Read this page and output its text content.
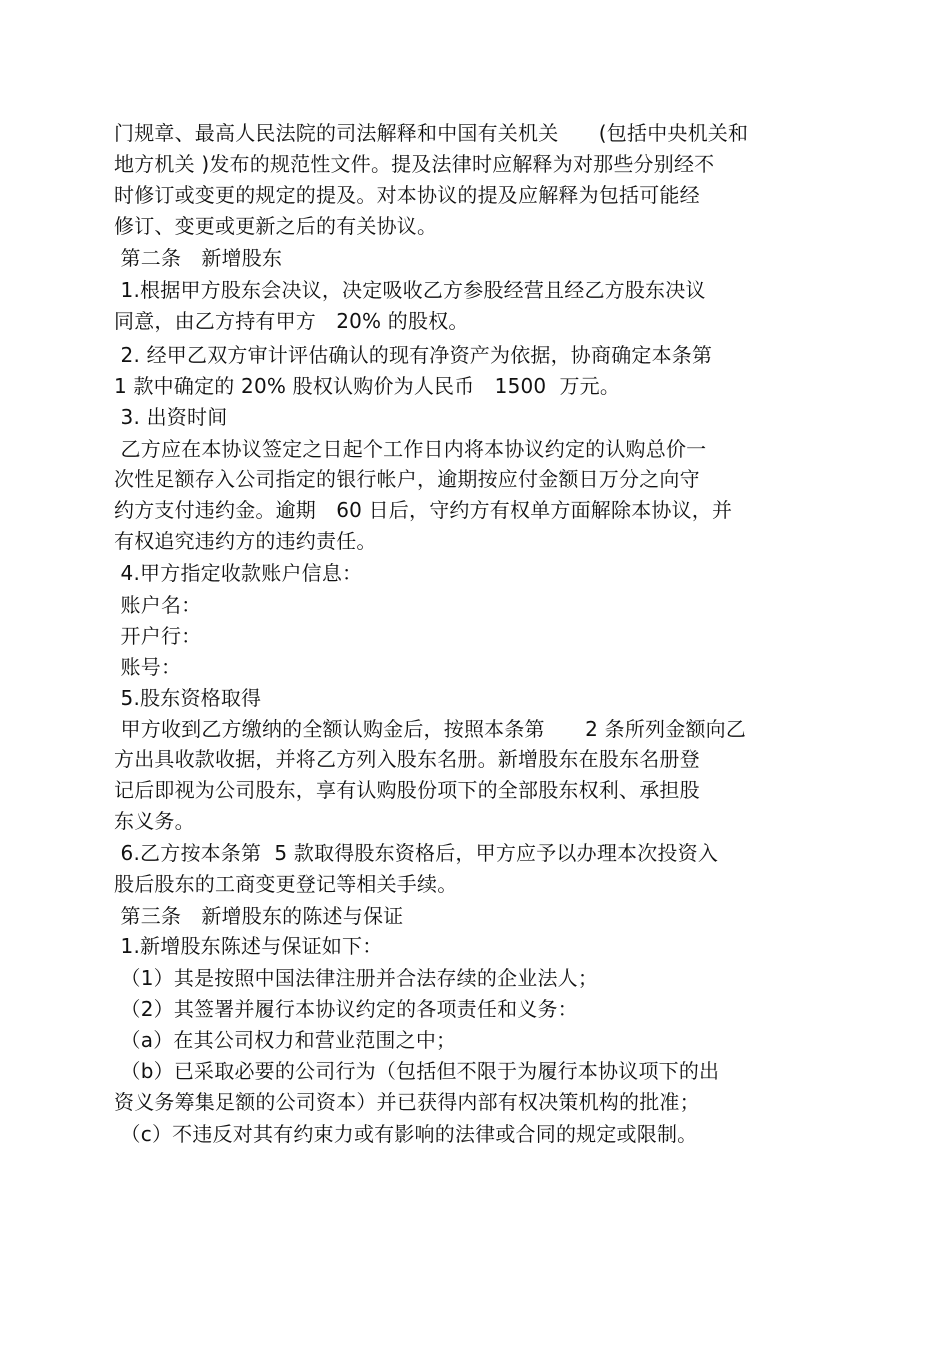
门规章、最高人民法院的司法解释和中国有关机关　　(包括中央机关和
地方机关 )发布的规范性文件。提及法律时应解释为对那些分别经不
时修订或变更的规定的提及。对本协议的提及应解释为包括可能经
修订、变更或更新之后的有关协议。
第二条　新增股东
1.根据甲方股东会决议，决定吸收乙方参股经营且经乙方股东决议
同意，由乙方持有甲方　20% 的股权。
2. 经甲乙双方审计评估确认的现有净资产为依据，协商确定本条第
1 款中确定的 20% 股权认购价为人民币　1500  万元。
3. 出资时间
乙方应在本协议签定之日起个工作日内将本协议约定的认购总价一
次性足额存入公司指定的银行帐户，逾期按应付金额日万分之向守
约方支付违约金。逾期　60 日后，守约方有权单方面解除本协议，并
有权追究违约方的违约责任。
4.甲方指定收款账户信息：
账户名：
开户行：
账号：
5.股东资格取得
甲方收到乙方缴纳的全额认购金后，按照本条第　　2 条所列金额向乙
方出具收款收据，并将乙方列入股东名册。新增股东在股东名册登
记后即视为公司股东，享有认购股份项下的全部股东权利、承担股
东义务。
6.乙方按本条第  5 款取得股东资格后，甲方应予以办理本次投资入
股后股东的工商变更登记等相关手续。
第三条　新增股东的陈述与保证
1.新增股东陈述与保证如下：
（1）其是按照中国法律注册并合法存续的企业法人；
（2）其签署并履行本协议约定的各项责任和义务：
（a）在其公司权力和营业范围之中；
（b）已采取必要的公司行为（包括但不限于为履行本协议项下的出
资义务筹集足额的公司资本）并已获得内部有权决策机构的批准；
（c）不违反对其有约束力或有影响的法律或合同的规定或限制。
